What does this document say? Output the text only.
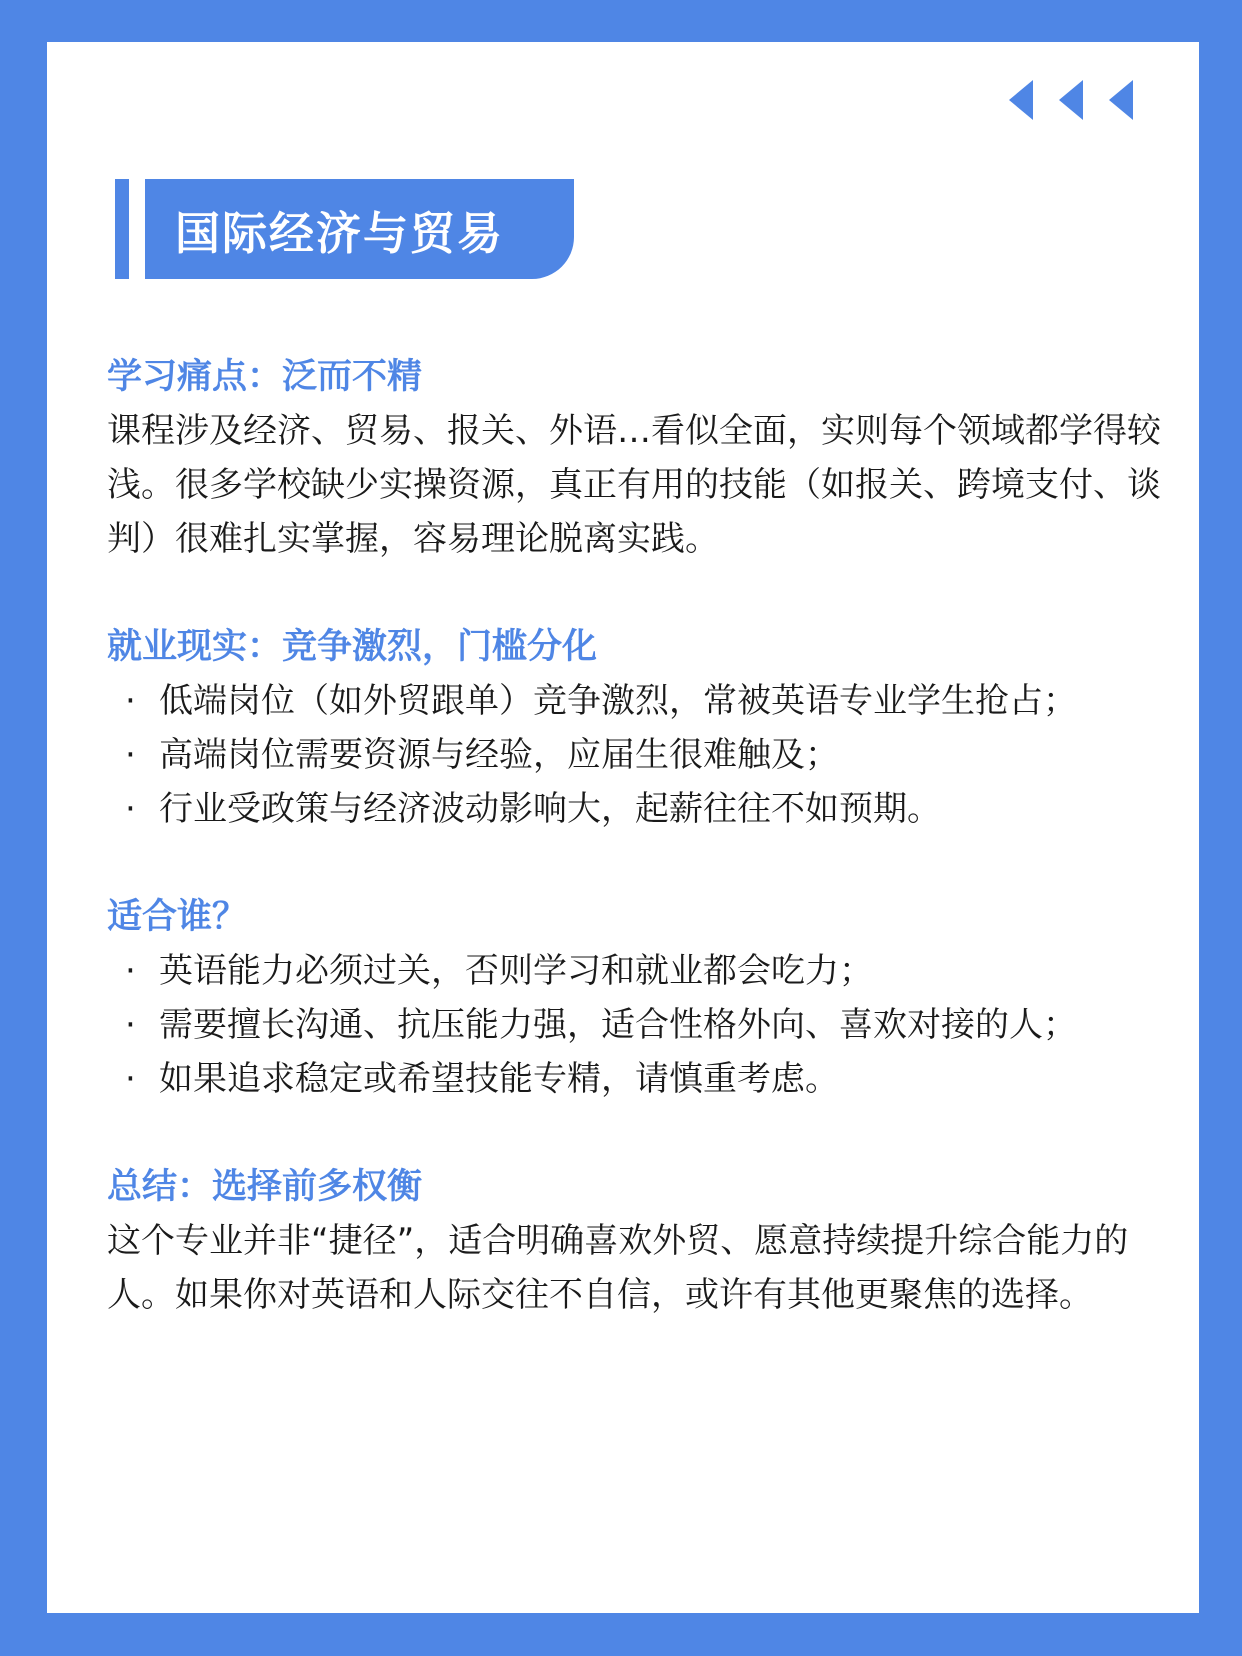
国际经济与贸易
学习痛点：泛而不精

课程涉及经济、贸易、报关、外语…看似全面，实则每个领域都学得较浅。很多学校缺少实操资源，真正有用的技能（如报关、跨境支付、谈判）很难扎实掌握，容易理论脱离实践。

就业现实：竞争激烈，门槛分化
· 低端岗位（如外贸跟单）竞争激烈，常被英语专业学生抢占；
· 高端岗位需要资源与经验，应届生很难触及；
· 行业受政策与经济波动影响大，起薪往往不如预期。
适合谁？
· 英语能力必须过关，否则学习和就业都会吃力；
· 需要擅长沟通、抗压能力强，适合性格外向、喜欢对接的人；
· 如果追求稳定或希望技能专精，请慎重考虑。
总结：选择前多权衡

这个专业并非“捷径”，适合明确喜欢外贸、愿意持续提升综合能力的人。如果你对英语和人际交往不自信，或许有其他更聚焦的选择。
